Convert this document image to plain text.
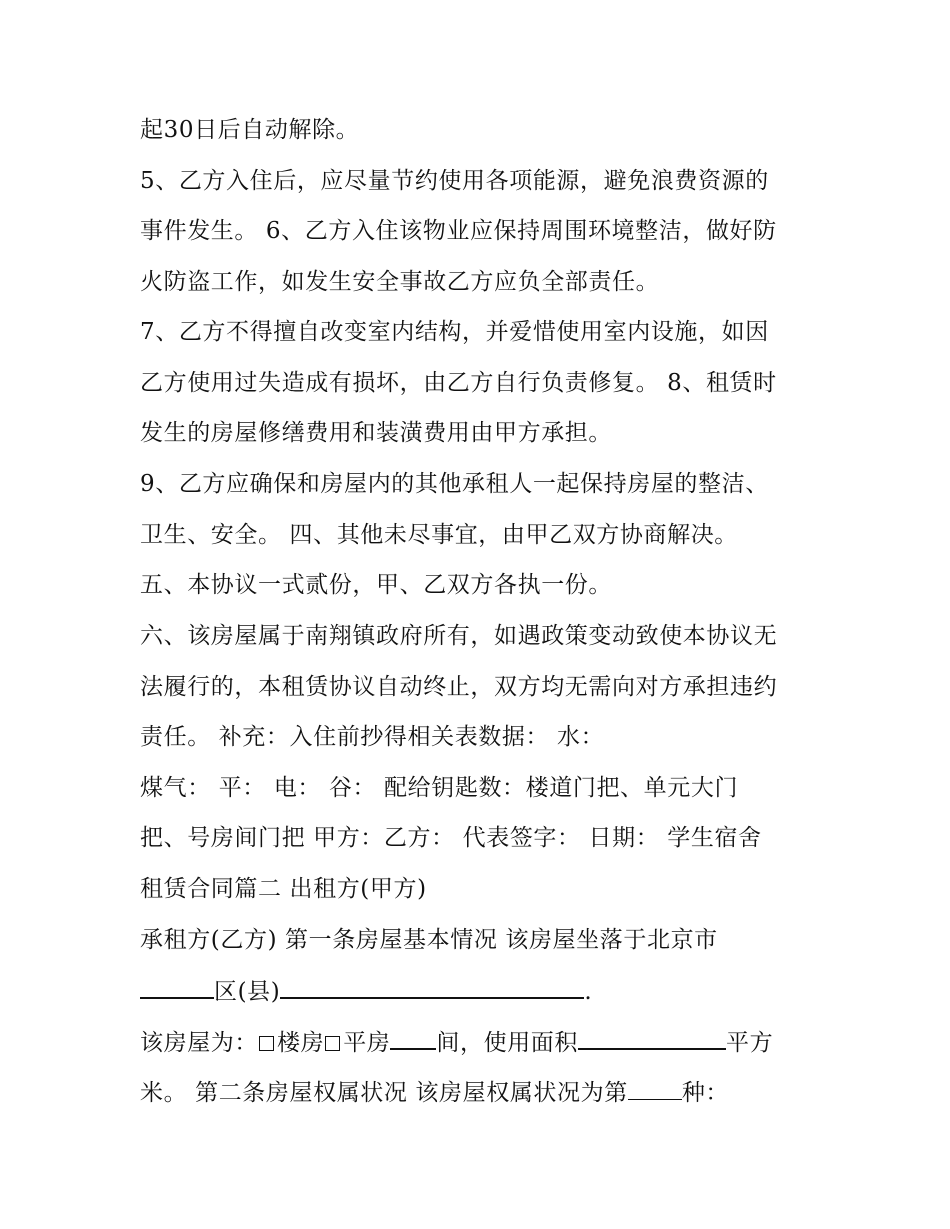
起30日后自动解除。
5、乙方入住后，应尽量节约使用各项能源，避免浪费资源的
事件发生。 6、乙方入住该物业应保持周围环境整洁，做好防
火防盗工作，如发生安全事故乙方应负全部责任。
7、乙方不得擅自改变室内结构，并爱惜使用室内设施，如因
乙方使用过失造成有损坏，由乙方自行负责修复。 8、租赁时
发生的房屋修缮费用和装潢费用由甲方承担。
9、乙方应确保和房屋内的其他承租人一起保持房屋的整洁、
卫生、安全。 四、其他未尽事宜，由甲乙双方协商解决。
五、本协议一式贰份，甲、乙双方各执一份。
六、该房屋属于南翔镇政府所有，如遇政策变动致使本协议无
法履行的，本租赁协议自动终止，双方均无需向对方承担违约
责任。 补充：入住前抄得相关表数据： 水：
煤气： 平： 电： 谷： 配给钥匙数：楼道门把、单元大门
把、号房间门把 甲方：乙方： 代表签字： 日期： 学生宿舍
租赁合同篇二 出租方(甲方)
承租方(乙方) 第一条房屋基本情况 该房屋坐落于北京市
区(县)	.
该房屋为： 楼房 平房 间，使用面积	平方
米。 第二条房屋权属状况 该房屋权属状况为第 种：
